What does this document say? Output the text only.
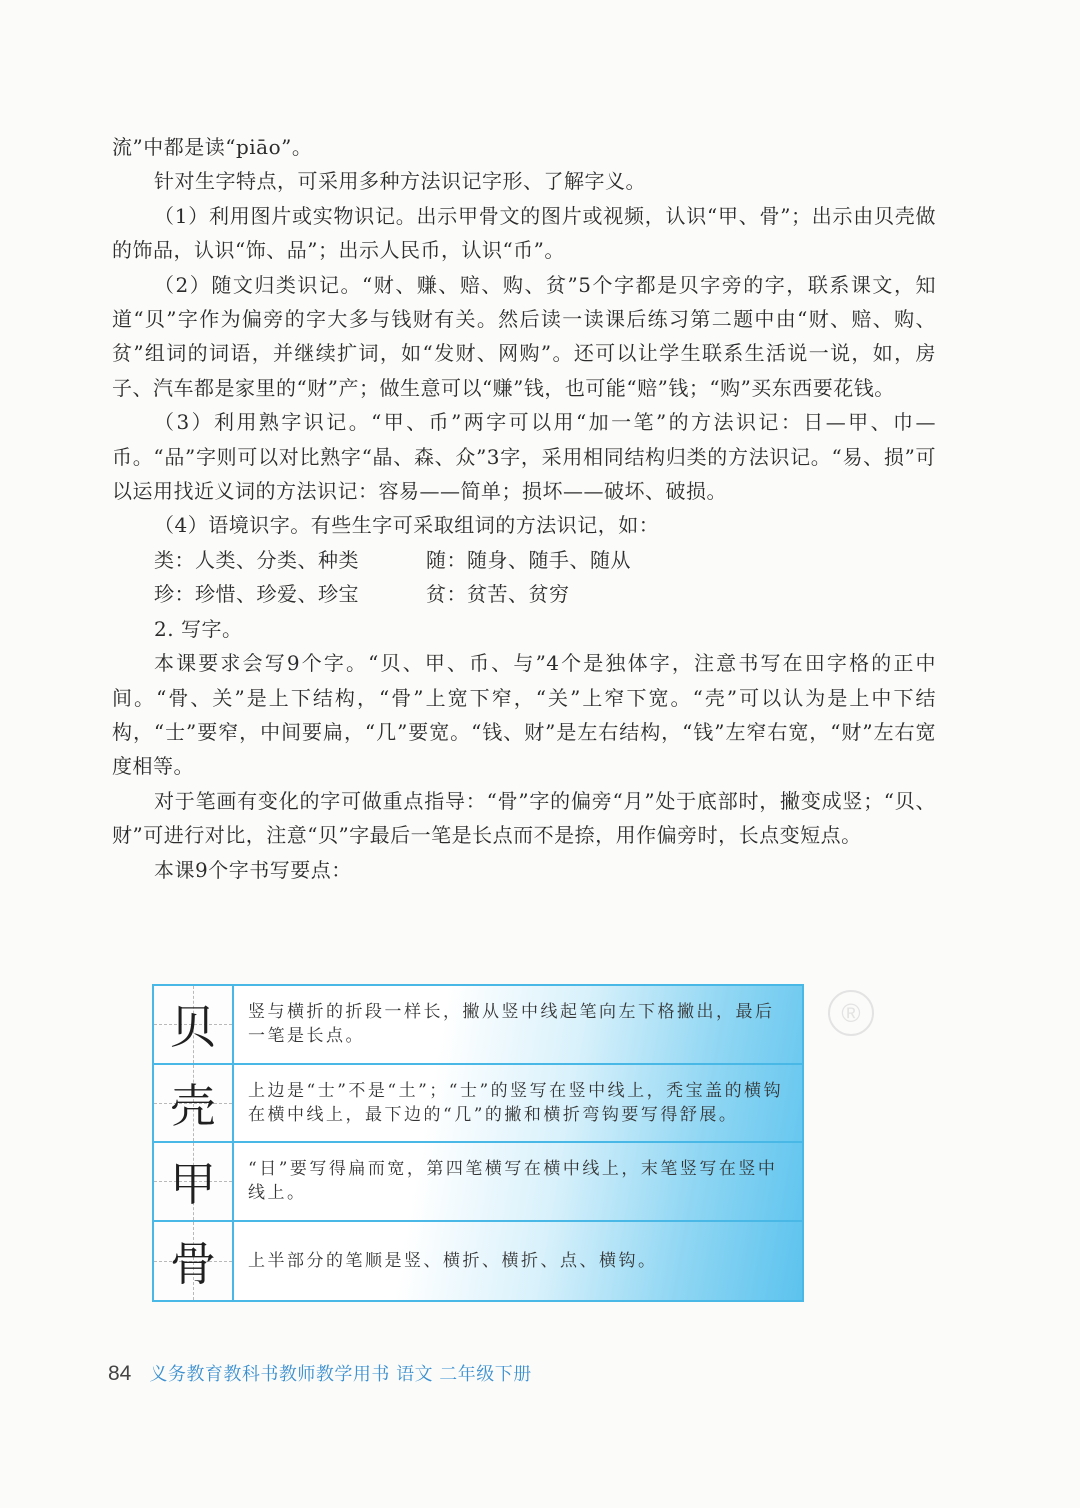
流”中都是读“piāo”。

针对生字特点，可采用多种方法识记字形、了解字义。

（1）利用图片或实物识记。出示甲骨文的图片或视频，认识“甲、骨”；出示由贝壳做的饰品，认识“饰、品”；出示人民币，认识“币”。

（2）随文归类识记。“财、赚、赔、购、贫”5个字都是贝字旁的字，联系课文，知道“贝”字作为偏旁的字大多与钱财有关。然后读一读课后练习第二题中由“财、赔、购、贫”组词的词语，并继续扩词，如“发财、网购”。还可以让学生联系生活说一说，如，房子、汽车都是家里的“财”产；做生意可以“赚”钱，也可能“赔”钱；“购”买东西要花钱。

（3）利用熟字识记。“甲、币”两字可以用“加一笔”的方法识记：日—甲、巾—币。“品”字则可以对比熟字“晶、森、众”3字，采用相同结构归类的方法识记。“易、损”可以运用找近义词的方法识记：容易——简单；损坏——破坏、破损。

（4）语境识字。有些生字可采取组词的方法识记，如：

类：人类、分类、种类	随：随身、随手、随从
珍：珍惜、珍爱、珍宝	贫：贫苦、贫穷

2. 写字。

本课要求会写9个字。“贝、甲、币、与”4个是独体字，注意书写在田字格的正中间。“骨、关”是上下结构，“骨”上宽下窄，“关”上窄下宽。“壳”可以认为是上中下结构，“士”要窄，中间要扁，“几”要宽。“钱、财”是左右结构，“钱”左窄右宽，“财”左右宽度相等。

对于笔画有变化的字可做重点指导：“骨”字的偏旁“月”处于底部时，撇变成竖；“贝、财”可进行对比，注意“贝”字最后一笔是长点而不是捺，用作偏旁时，长点变短点。

本课9个字书写要点：

®
贝	竖与横折的折段一样长，撇从竖中线起笔向左下格撇出，最后一笔是长点。
壳	上边是“士”不是“土”；“士”的竖写在竖中线上，秃宝盖的横钩在横中线上，最下边的“几”的撇和横折弯钩要写得舒展。
甲	“日”要写得扁而宽，第四笔横写在横中线上，末笔竖写在竖中线上。
骨	上半部分的笔顺是竖、横折、横折、点、横钩。
84 义务教育教科书教师教学用书 语文 二年级下册
